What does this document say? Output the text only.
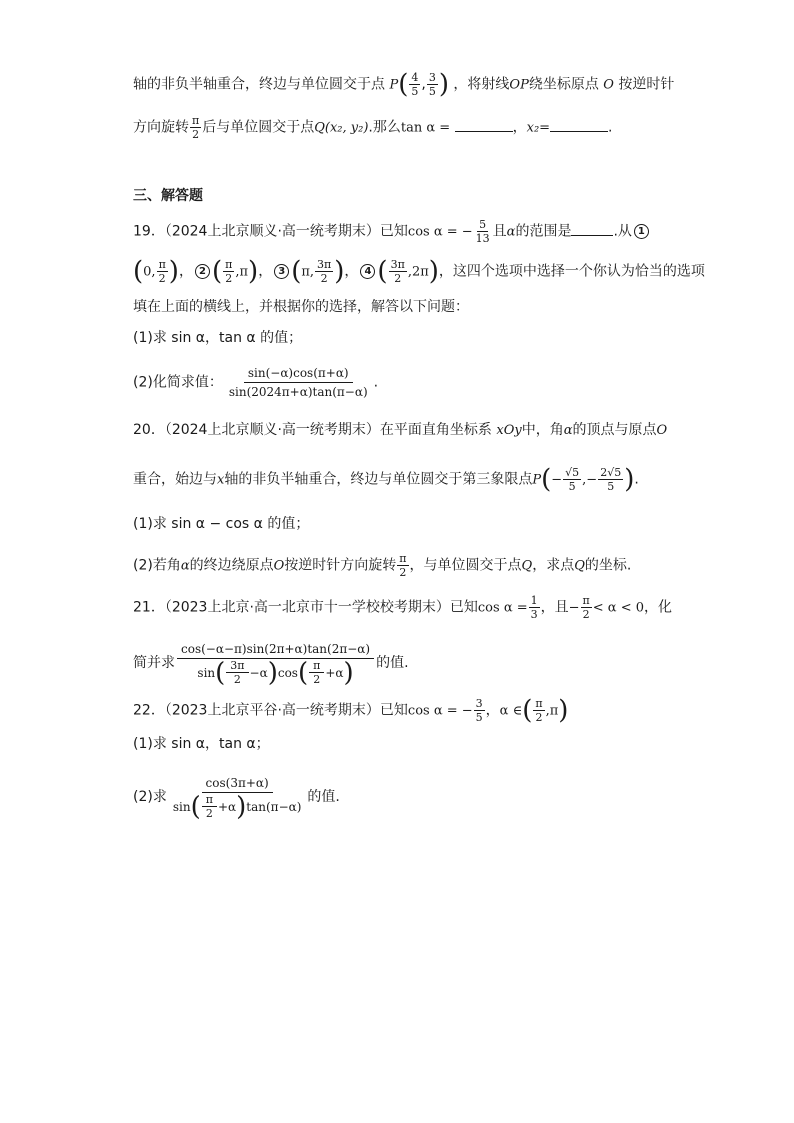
轴的非负半轴重合，终边与单位圆交于点 $P( \frac{4}{5}$ , $\frac{3}{5}$ ) ，将射线OP绕坐标原点 O 按逆时针
方向旋转 $\frac{\pi}{2}$ 后与单位圆交于点Q(x₂, y₂).那么tan α =	，x₂=	.
三、解答题
19．（2024上北京顺义·高一统考期末）已知cos α = − $\frac{5}{13}$ 且α的范围是	.从 1
(0, $\frac{\pi}{2}$ )， 2 ( $\frac{\pi}{2} ,\pi$)， 3 (π, $\frac{3\pi}{2}$ )， 4 ( $\frac{3\pi}{2} ,2\pi$)，这四个选项中选择一个你认为恰当的选项
填在上面的横线上，并根据你的选择，解答以下问题：
(1)求 sin α，tan α 的值；
(2)化简求值： $\frac{\sin(-\alpha)\cos(\pi+\alpha)}{\sin(2024\pi+\alpha)\tan(\pi-\alpha)}$ .
20．（2024上北京顺义·高一统考期末）在平面直角坐标系 xOy中，角α的顶点与原点O
重合，始边与x轴的非负半轴重合，终边与单位圆交于第三象限点$P(- \frac{√5}{5}$ ,− $\frac{2√5}{5}$ ).
(1)求 sin α − cos α 的值；
(2)若角α的终边绕原点O按逆时针方向旋转 $\frac{\pi}{2}$ ，与单位圆交于点Q，求点Q的坐标.
21．（2023上北京·高一北京市十一学校校考期末）已知$\cos \alpha = \frac{1}{3}$ ，且− $\frac{\pi}{2} < \alpha < 0$，化
简并求 $\frac{\cos(-\alpha-\pi)\sin(2\pi+\alpha)\tan(2\pi-\alpha)}{\sin ( \frac{3\pi}{2} -\alpha ) \cos ( \frac{\pi}{2} +\alpha )}$ 的值.
22．（2023上北京平谷·高一统考期末）已知cos α = − $\frac{3}{5}$ ，α ∈( $\frac{\pi}{2} ,\pi$)
(1)求 sin α，tan α；
(2)求 $\frac{\cos(3\pi+\alpha)}{\sin ( \frac{\pi}{2} +\alpha ) \tan(\pi-\alpha)}$ 的值.
